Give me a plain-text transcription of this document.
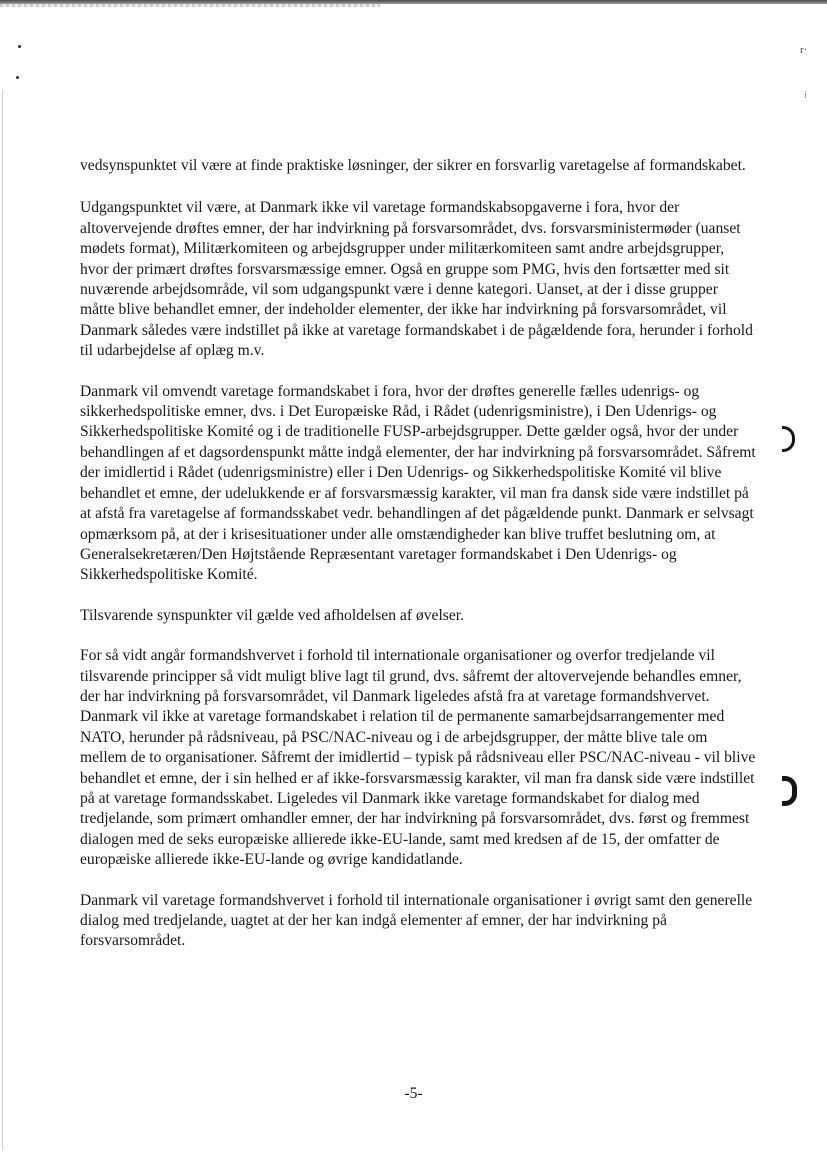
r·
i

vedsynspunktet vil være at finde praktiske løsninger, der sikrer en forsvarlig varetagelse af formandskabet.

Udgangspunktet vil være, at Danmark ikke vil varetage formandskabsopgaverne i fora, hvor der altovervejende drøftes emner, der har indvirkning på forsvarsområdet, dvs. forsvarsministermøder (uanset mødets format), Militærkomiteen og arbejdsgrupper under militærkomiteen samt andre arbejdsgrupper, hvor der primært drøftes forsvarsmæssige emner. Også en gruppe som PMG, hvis den fortsætter med sit nuværende arbejdsområde, vil som udgangspunkt være i denne kategori. Uanset, at der i disse grupper måtte blive behandlet emner, der indeholder elementer, der ikke har indvirkning på forsvarsområdet, vil Danmark således være indstillet på ikke at varetage formandskabet i de pågældende fora, herunder i forhold til udarbejdelse af oplæg m.v.

Danmark vil omvendt varetage formandskabet i fora, hvor der drøftes generelle fælles udenrigs- og sikkerhedspolitiske emner, dvs. i Det Europæiske Råd, i Rådet (udenrigsministre), i Den Udenrigs- og Sikkerhedspolitiske Komité og i de traditionelle FUSP-arbejdsgrupper. Dette gælder også, hvor der under behandlingen af et dagsordenspunkt måtte indgå elementer, der har indvirkning på forsvarsområdet. Såfremt der imidlertid i Rådet (udenrigsministre) eller i Den Udenrigs- og Sikkerhedspolitiske Komité vil blive behandlet et emne, der udelukkende er af forsvarsmæssig karakter, vil man fra dansk side være indstillet på at afstå fra varetagelse af formandsskabet vedr. behandlingen af det pågældende punkt. Danmark er selvsagt opmærksom på, at der i krisesituationer under alle omstændigheder kan blive truffet beslutning om, at Generalsekretæren/Den Højtstående Repræsentant varetager formandskabet i Den Udenrigs- og Sikkerhedspolitiske Komité.

Tilsvarende synspunkter vil gælde ved afholdelsen af øvelser.

For så vidt angår formandshvervet i forhold til internationale organisationer og overfor tredjelande vil tilsvarende principper så vidt muligt blive lagt til grund, dvs. såfremt der altovervejende behandles emner, der har indvirkning på forsvarsområdet, vil Danmark ligeledes afstå fra at varetage formandshvervet. Danmark vil ikke at varetage formandskabet i relation til de permanente samarbejdsarrangementer med NATO, herunder på rådsniveau, på PSC/NAC-niveau og i de arbejdsgrupper, der måtte blive tale om mellem de to organisationer. Såfremt der imidlertid – typisk på rådsniveau eller PSC/NAC-niveau - vil blive behandlet et emne, der i sin helhed er af ikke-forsvarsmæssig karakter, vil man fra dansk side være indstillet på at varetage formandsskabet. Ligeledes vil Danmark ikke varetage formandskabet for dialog med tredjelande, som primært omhandler emner, der har indvirkning på forsvarsområdet, dvs. først og fremmest dialogen med de seks europæiske allierede ikke-EU-lande, samt med kredsen af de 15, der omfatter de europæiske allierede ikke-EU-lande og øvrige kandidatlande.

Danmark vil varetage formandshvervet i forhold til internationale organisationer i øvrigt samt den generelle dialog med tredjelande, uagtet at der her kan indgå elementer af emner, der har indvirkning på forsvarsområdet.

-5-
